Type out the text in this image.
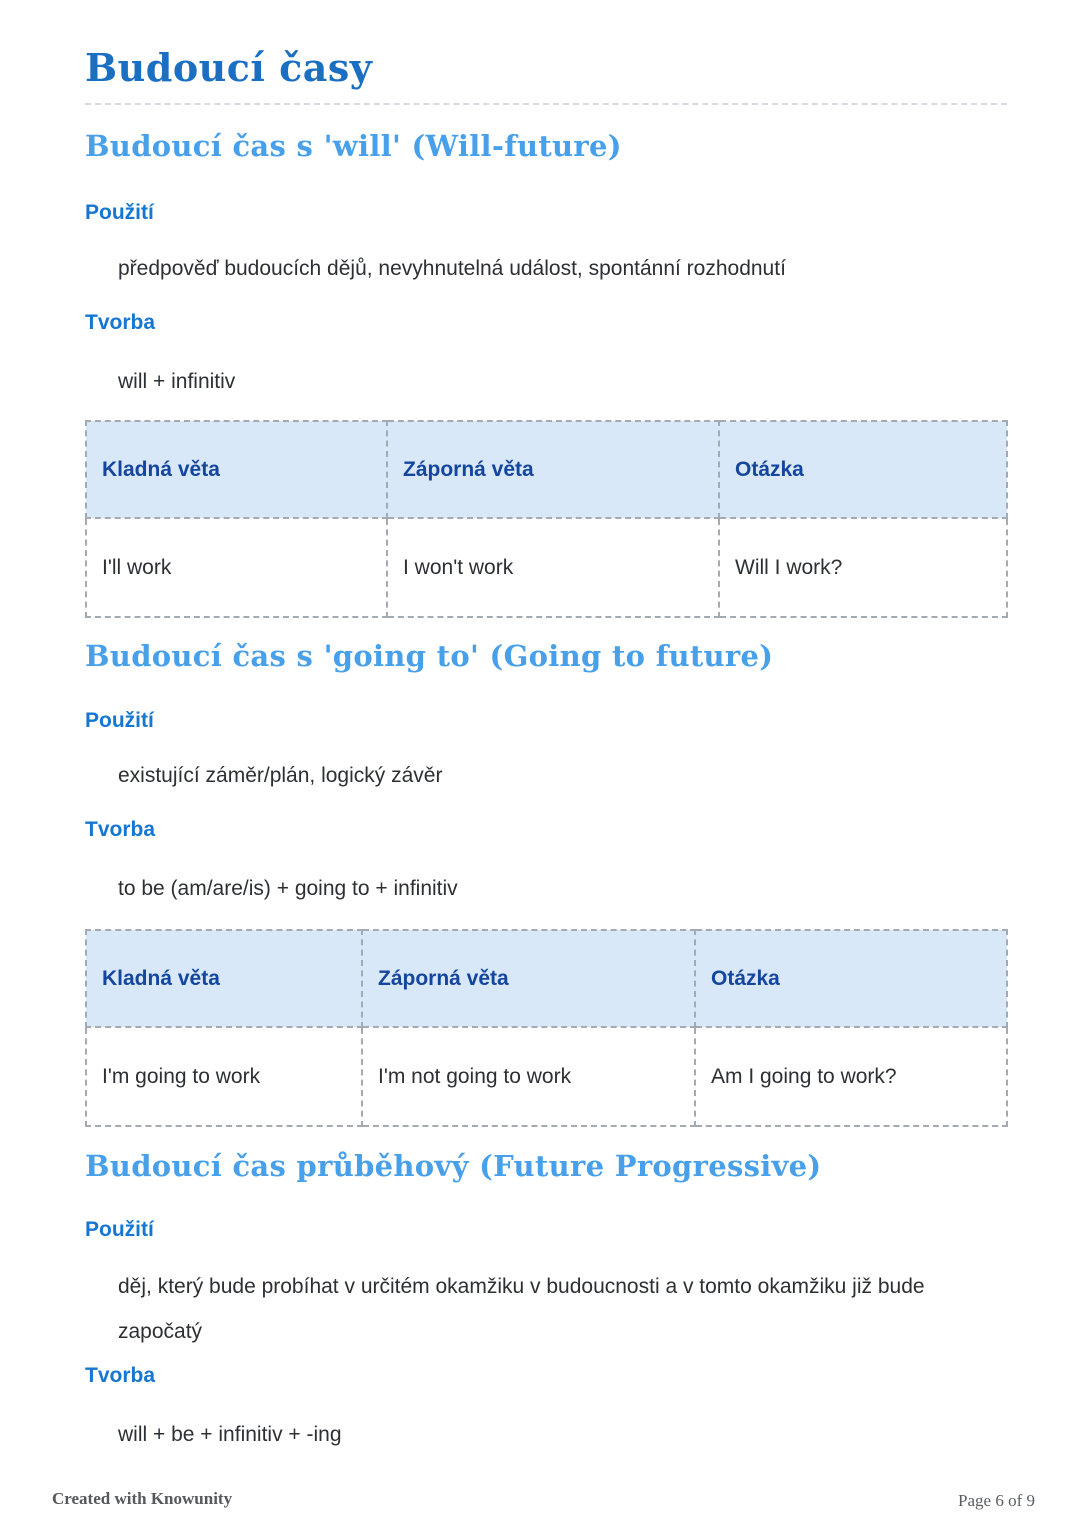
Budoucí časy
Budoucí čas s 'will' (Will-future)
Použití
předpověď budoucích dějů, nevyhnutelná událost, spontánní rozhodnutí
Tvorba
will + infinitiv
Kladná věta	Záporná věta	Otázka
I'll work	I won't work	Will I work?
Budoucí čas s 'going to' (Going to future)
Použití
existující záměr/plán, logický závěr
Tvorba
to be (am/are/is) + going to + infinitiv
Kladná věta	Záporná věta	Otázka
I'm going to work	I'm not going to work	Am I going to work?
Budoucí čas průběhový (Future Progressive)
Použití
děj, který bude probíhat v určitém okamžiku v budoucnosti a v tomto okamžiku již bude
započatý
Tvorba
will + be + infinitiv + -ing
Created with Knowunity	Page 6 of 9
